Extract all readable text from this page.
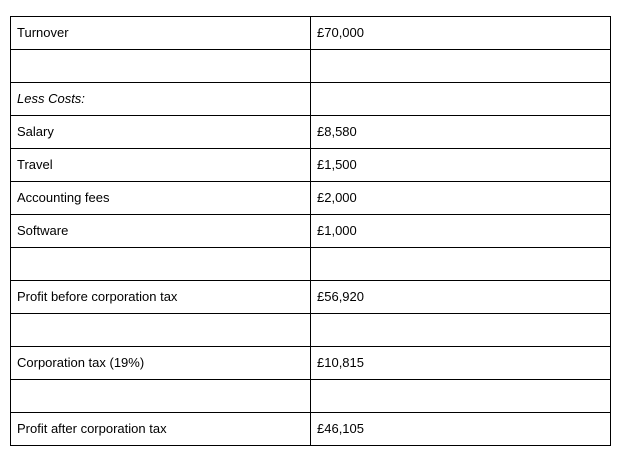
Turnover	£70,000

Less Costs:	
Salary	£8,580
Travel	£1,500
Accounting fees	£2,000
Software	£1,000

Profit before corporation tax	£56,920

Corporation tax (19%)	£10,815

Profit after corporation tax	£46,105
